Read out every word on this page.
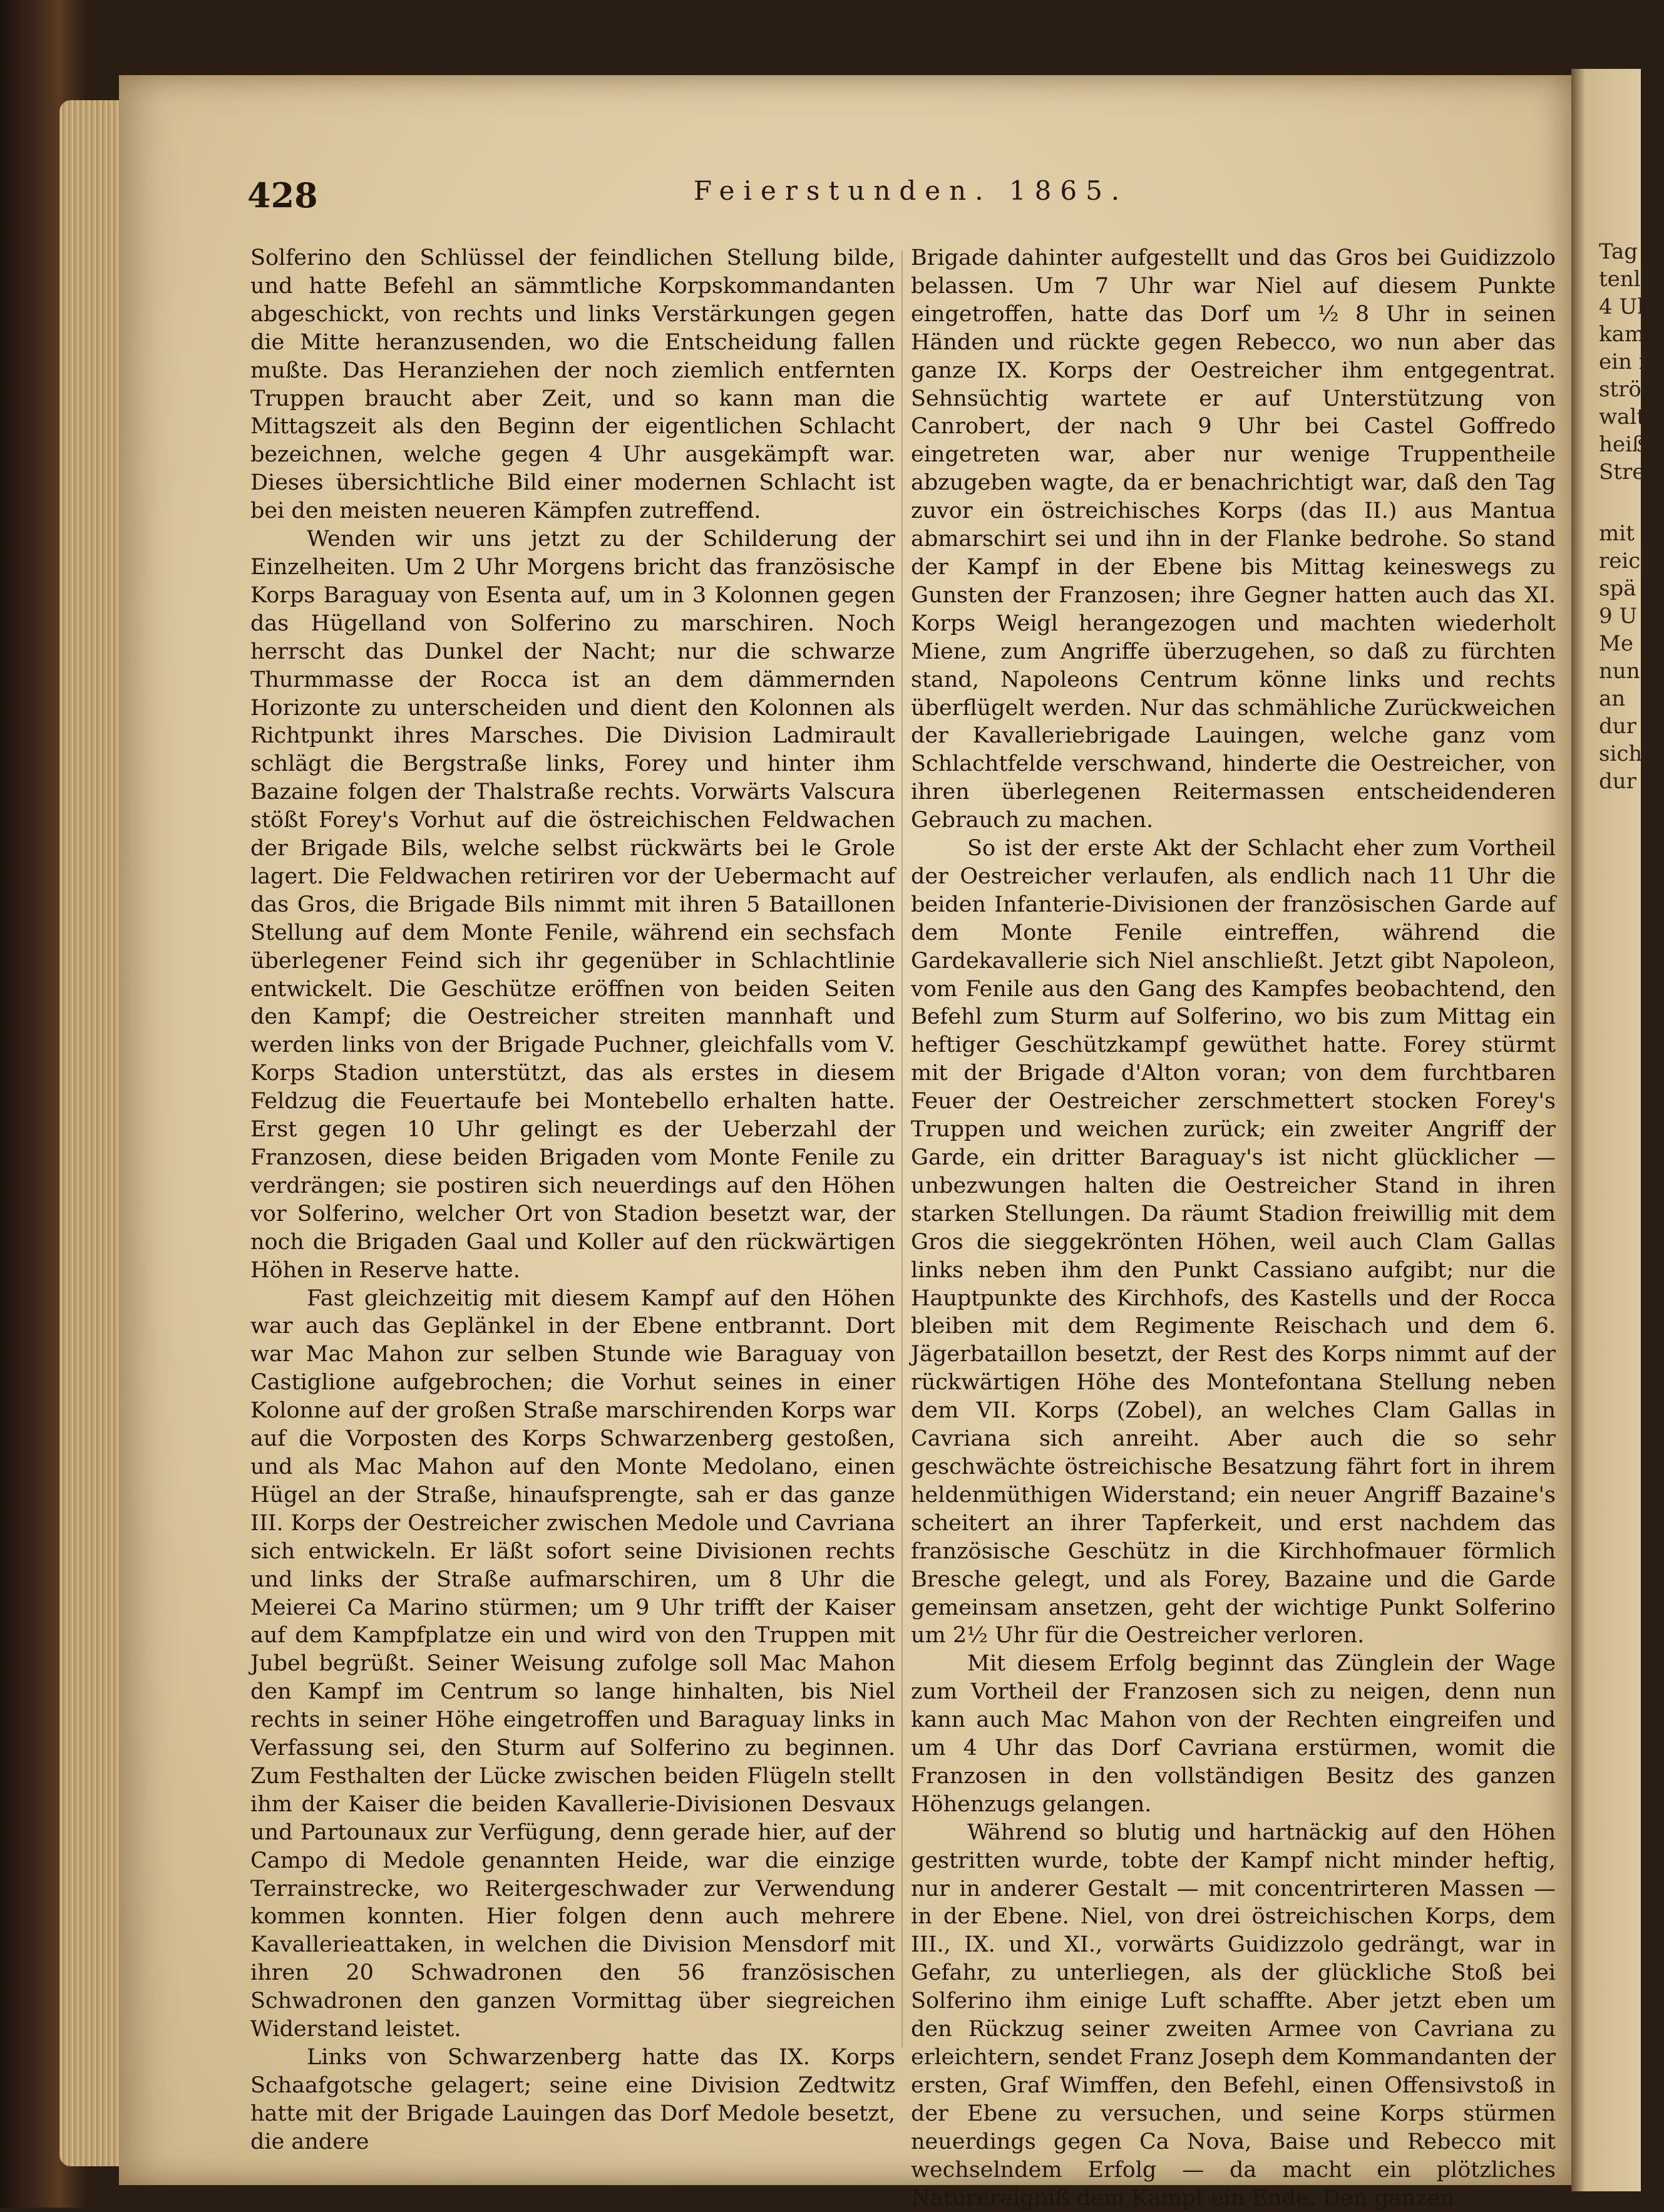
Tag
tenlos
4 Uh
kam l
ein f
ström
walt
heiße
Stre
mit
reich
spä
9 U
Me
nun
an
dur
sich
dur
428	Feierstunden. 1865.

Solferino den Schlüssel der feindlichen Stellung bilde, und hatte Befehl an sämmtliche Korpskommandanten abgeschickt, von rechts und links Verstärkungen gegen die Mitte heranzusenden, wo die Entscheidung fallen mußte. Das Heranziehen der noch ziemlich entfernten Truppen braucht aber Zeit, und so kann man die Mittagszeit als den Beginn der eigentlichen Schlacht bezeichnen, welche gegen 4 Uhr ausgekämpft war. Dieses übersichtliche Bild einer modernen Schlacht ist bei den meisten neueren Kämpfen zutreffend.

Wenden wir uns jetzt zu der Schilderung der Einzelheiten. Um 2 Uhr Morgens bricht das französische Korps Baraguay von Esenta auf, um in 3 Kolonnen gegen das Hügelland von Solferino zu marschiren. Noch herrscht das Dunkel der Nacht; nur die schwarze Thurmmasse der Rocca ist an dem dämmernden Horizonte zu unterscheiden und dient den Kolonnen als Richtpunkt ihres Marsches. Die Division Ladmirault schlägt die Bergstraße links, Forey und hinter ihm Bazaine folgen der Thalstraße rechts. Vorwärts Valscura stößt Forey's Vorhut auf die östreichischen Feldwachen der Brigade Bils, welche selbst rückwärts bei le Grole lagert. Die Feldwachen retiriren vor der Uebermacht auf das Gros, die Brigade Bils nimmt mit ihren 5 Bataillonen Stellung auf dem Monte Fenile, während ein sechsfach überlegener Feind sich ihr gegenüber in Schlachtlinie entwickelt. Die Geschütze eröffnen von beiden Seiten den Kampf; die Oestreicher streiten mannhaft und werden links von der Brigade Puchner, gleichfalls vom V. Korps Stadion unterstützt, das als erstes in diesem Feldzug die Feuertaufe bei Montebello erhalten hatte. Erst gegen 10 Uhr gelingt es der Ueberzahl der Franzosen, diese beiden Brigaden vom Monte Fenile zu verdrängen; sie postiren sich neuerdings auf den Höhen vor Solferino, welcher Ort von Stadion besetzt war, der noch die Brigaden Gaal und Koller auf den rückwärtigen Höhen in Reserve hatte.

Fast gleichzeitig mit diesem Kampf auf den Höhen war auch das Geplänkel in der Ebene entbrannt. Dort war Mac Mahon zur selben Stunde wie Baraguay von Castiglione aufgebrochen; die Vorhut seines in einer Kolonne auf der großen Straße marschirenden Korps war auf die Vorposten des Korps Schwarzenberg gestoßen, und als Mac Mahon auf den Monte Medolano, einen Hügel an der Straße, hinaufsprengte, sah er das ganze III. Korps der Oestreicher zwischen Medole und Cavriana sich entwickeln. Er läßt sofort seine Divisionen rechts und links der Straße aufmarschiren, um 8 Uhr die Meierei Ca Marino stürmen; um 9 Uhr trifft der Kaiser auf dem Kampfplatze ein und wird von den Truppen mit Jubel begrüßt. Seiner Weisung zufolge soll Mac Mahon den Kampf im Centrum so lange hinhalten, bis Niel rechts in seiner Höhe eingetroffen und Baraguay links in Verfassung sei, den Sturm auf Solferino zu beginnen. Zum Festhalten der Lücke zwischen beiden Flügeln stellt ihm der Kaiser die beiden Kavallerie-Divisionen Desvaux und Partounaux zur Verfügung, denn gerade hier, auf der Campo di Medole genannten Heide, war die einzige Terrainstrecke, wo Reitergeschwader zur Verwendung kommen konnten. Hier folgen denn auch mehrere Kavallerieattaken, in welchen die Division Mensdorf mit ihren 20 Schwadronen den 56 französischen Schwadronen den ganzen Vormittag über siegreichen Widerstand leistet.

Links von Schwarzenberg hatte das IX. Korps Schaafgotsche gelagert; seine eine Division Zedtwitz hatte mit der Brigade Lauingen das Dorf Medole besetzt, die andere

Brigade dahinter aufgestellt und das Gros bei Guidizzolo belassen. Um 7 Uhr war Niel auf diesem Punkte eingetroffen, hatte das Dorf um ½ 8 Uhr in seinen Händen und rückte gegen Rebecco, wo nun aber das ganze IX. Korps der Oestreicher ihm entgegentrat. Sehnsüchtig wartete er auf Unterstützung von Canrobert, der nach 9 Uhr bei Castel Goffredo eingetreten war, aber nur wenige Truppentheile abzugeben wagte, da er benachrichtigt war, daß den Tag zuvor ein östreichisches Korps (das II.) aus Mantua abmarschirt sei und ihn in der Flanke bedrohe. So stand der Kampf in der Ebene bis Mittag keineswegs zu Gunsten der Franzosen; ihre Gegner hatten auch das XI. Korps Weigl herangezogen und machten wiederholt Miene, zum Angriffe überzugehen, so daß zu fürchten stand, Napoleons Centrum könne links und rechts überflügelt werden. Nur das schmähliche Zurückweichen der Kavalleriebrigade Lauingen, welche ganz vom Schlachtfelde verschwand, hinderte die Oestreicher, von ihren überlegenen Reitermassen entscheidenderen Gebrauch zu machen.

So ist der erste Akt der Schlacht eher zum Vortheil der Oestreicher verlaufen, als endlich nach 11 Uhr die beiden Infanterie-Divisionen der französischen Garde auf dem Monte Fenile eintreffen, während die Gardekavallerie sich Niel anschließt. Jetzt gibt Napoleon, vom Fenile aus den Gang des Kampfes beobachtend, den Befehl zum Sturm auf Solferino, wo bis zum Mittag ein heftiger Geschützkampf gewüthet hatte. Forey stürmt mit der Brigade d'Alton voran; von dem furchtbaren Feuer der Oestreicher zerschmettert stocken Forey's Truppen und weichen zurück; ein zweiter Angriff der Garde, ein dritter Baraguay's ist nicht glücklicher — unbezwungen halten die Oestreicher Stand in ihren starken Stellungen. Da räumt Stadion freiwillig mit dem Gros die sieggekrönten Höhen, weil auch Clam Gallas links neben ihm den Punkt Cassiano aufgibt; nur die Hauptpunkte des Kirchhofs, des Kastells und der Rocca bleiben mit dem Regimente Reischach und dem 6. Jägerbataillon besetzt, der Rest des Korps nimmt auf der rückwärtigen Höhe des Montefontana Stellung neben dem VII. Korps (Zobel), an welches Clam Gallas in Cavriana sich anreiht. Aber auch die so sehr geschwächte östreichische Besatzung fährt fort in ihrem heldenmüthigen Widerstand; ein neuer Angriff Bazaine's scheitert an ihrer Tapferkeit, und erst nachdem das französische Geschütz in die Kirchhofmauer förmlich Bresche gelegt, und als Forey, Bazaine und die Garde gemeinsam ansetzen, geht der wichtige Punkt Solferino um 2½ Uhr für die Oestreicher verloren.

Mit diesem Erfolg beginnt das Zünglein der Wage zum Vortheil der Franzosen sich zu neigen, denn nun kann auch Mac Mahon von der Rechten eingreifen und um 4 Uhr das Dorf Cavriana erstürmen, womit die Franzosen in den vollständigen Besitz des ganzen Höhenzugs gelangen.

Während so blutig und hartnäckig auf den Höhen gestritten wurde, tobte der Kampf nicht minder heftig, nur in anderer Gestalt — mit concentrirteren Massen — in der Ebene. Niel, von drei östreichischen Korps, dem III., IX. und XI., vorwärts Guidizzolo gedrängt, war in Gefahr, zu unterliegen, als der glückliche Stoß bei Solferino ihm einige Luft schaffte. Aber jetzt eben um den Rückzug seiner zweiten Armee von Cavriana zu erleichtern, sendet Franz Joseph dem Kommandanten der ersten, Graf Wimffen, den Befehl, einen Offensivstoß in der Ebene zu versuchen, und seine Korps stürmen neuerdings gegen Ca Nova, Baise und Rebecco mit wechselndem Erfolg — da macht ein plötzliches Naturereigniß dem Kampf ein Ende. Den ganzen
